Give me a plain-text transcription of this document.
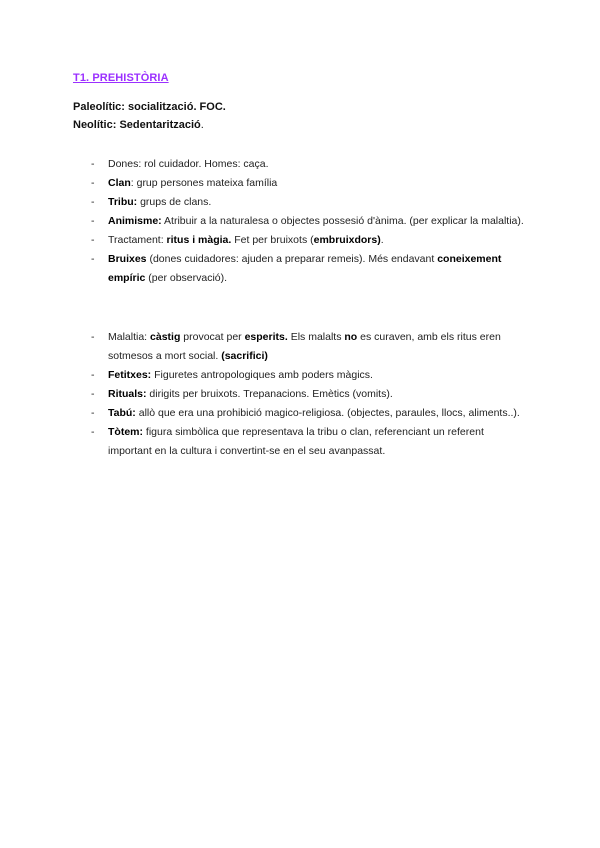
T1. PREHISTÒRIA
Paleolític: socialització. FOC.
Neolític: Sedentarització.
- Dones: rol cuidador. Homes: caça.
- Clan: grup persones mateixa família
- Tribu: grups de clans.
- Animisme: Atribuir a la naturalesa o objectes possesió d'ànima. (per explicar la malaltia).
- Tractament: ritus i màgia. Fet per bruixots (embruixdors).
- Bruixes (dones cuidadores: ajuden a preparar remeis). Més endavant coneixement empíric (per observació).
- Malaltia: càstig provocat per esperits. Els malalts no es curaven, amb els ritus eren sotmesos a mort social. (sacrifici)
- Fetitxes: Figuretes antropologiques amb poders màgics.
- Rituals: dirigits per bruixots. Trepanacions. Emètics (vomits).
- Tabú: allò que era una prohibició magico-religiosa. (objectes, paraules, llocs, aliments..).
- Tòtem: figura simbòlica que representava la tribu o clan, referenciant un referent important en la cultura i convertint-se en el seu avanpassat.
